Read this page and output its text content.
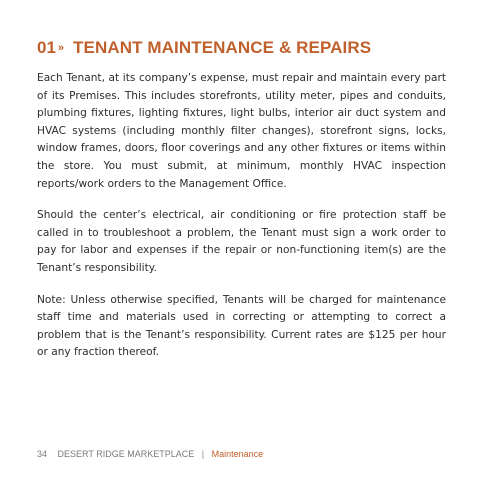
01 » TENANT MAINTENANCE & REPAIRS

Each Tenant, at its company’s expense, must repair and maintain every part of its Premises. This includes storefronts, utility meter, pipes and conduits, plumbing fixtures, lighting fixtures, light bulbs, interior air duct system and HVAC systems (including monthly filter changes), storefront signs, locks, window frames, doors, floor coverings and any other fixtures or items within the store. You must submit, at minimum, monthly HVAC inspection reports/work orders to the Management Office.

Should the center’s electrical, air conditioning or fire protection staff be called in to troubleshoot a problem, the Tenant must sign a work order to pay for labor and expenses if the repair or non-functioning item(s) are the Tenant’s responsibility.

Note: Unless otherwise specified, Tenants will be charged for maintenance staff time and materials used in correcting or attempting to correct a problem that is the Tenant’s responsibility. Current rates are $125 per hour or any fraction thereof.

34 DESERT RIDGE MARKETPLACE | Maintenance
